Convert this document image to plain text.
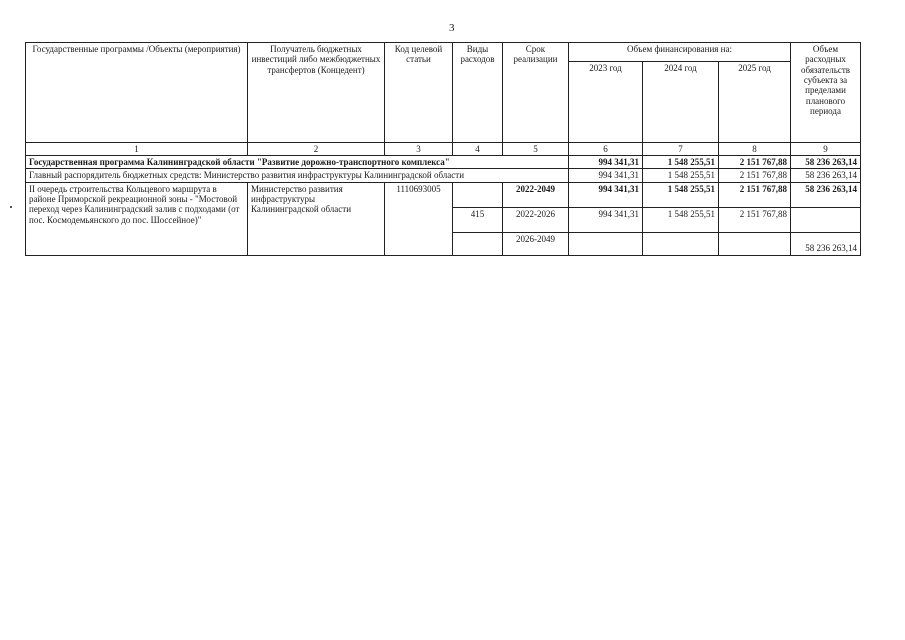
3
Государственные программы /Объекты (мероприятия)	Получатель бюджетных инвестиций либо межбюджетных трансфертов (Концедент)	Код целевой статьи	Виды расходов	Срок реализации	Объем финансирования на:			Объем расходных обязательств субъекта за пределами планового периода
					2023 год	2024 год	2025 год	
1	2	3	4	5	6	7	8	9
Государственная программа Калининградской области "Развитие дорожно-транспортного комплекса"					994 341,31	1 548 255,51	2 151 767,88	58 236 263,14
Главный распорядитель бюджетных средств: Министерство развития инфраструктуры Калининградской области					994 341,31	1 548 255,51	2 151 767,88	58 236 263,14
II очередь строительства Кольцевого маршрута в районе Приморской рекреационной зоны - "Мостовой переход через Калининградский залив с подходами (от пос. Космодемьянского до пос. Шоссейное)"	Министерство развития инфраструктуры Калининградской области	1110693005		2022-2049	994 341,31	1 548 255,51	2 151 767,88	58 236 263,14
			415	2022-2026	994 341,31	1 548 255,51	2 151 767,88	
				2026-2049				58 236 263,14
